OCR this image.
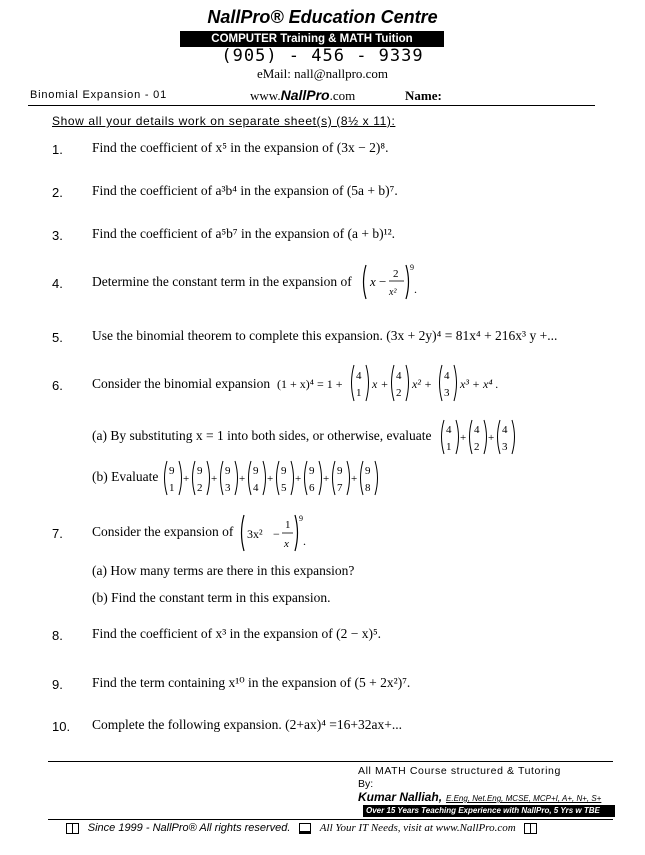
NallPro® Education Centre
COMPUTER Training & MATH Tuition
(905) - 456 - 9339
eMail: nall@nallpro.com
Binomial Expansion - 01	www.NallPro.com	Name:
Show all your details work on separate sheet(s) (8½ x 11):
1. Find the coefficient of x⁵ in the expansion of (3x − 2)⁸.
2. Find the coefficient of a³b⁴ in the expansion of (5a + b)⁷.
3. Find the coefficient of a⁵b⁷ in the expansion of (a + b)¹².
4. Determine the constant term in the expansion of x − 2
x²
9
.
5. Use the binomial theorem to complete this expansion. (3x + 2y)⁴ = 81x⁴ + 216x³ y +...
6. Consider the binomial expansion (1 + x)⁴ = 1 +
4
1
x +
4
2
x² +
4
3
x³ + x⁴ .
(a) By substituting x = 1 into both sides, or otherwise, evaluate 4
1
+
4
2
+
4
3
(b) Evaluate 9
1
+
9
2
+
9
3
+
9
4
+
9
5
+
9
6
+
9
7
+
9
8
7. Consider the expansion of 3x² −
1
x
9
.
(a) How many terms are there in this expansion?
(b) Find the constant term in this expansion.
8. Find the coefficient of x³ in the expansion of (2 − x)⁵.
9. Find the term containing x¹⁰ in the expansion of (5 + 2x²)⁷.
10. Complete the following expansion. (2+ax)⁴ =16+32ax+...
All MATH Course structured & Tutoring
By:
Kumar Nalliah, E.Eng, Net.Eng, MCSE, MCP+I, A+, N+, S+
Over 15 Years Teaching Experience with NallPro, 5 Yrs w TBE
Since 1999 - NallPro® All rights reserved.	All Your IT Needs, visit at www.NallPro.com
